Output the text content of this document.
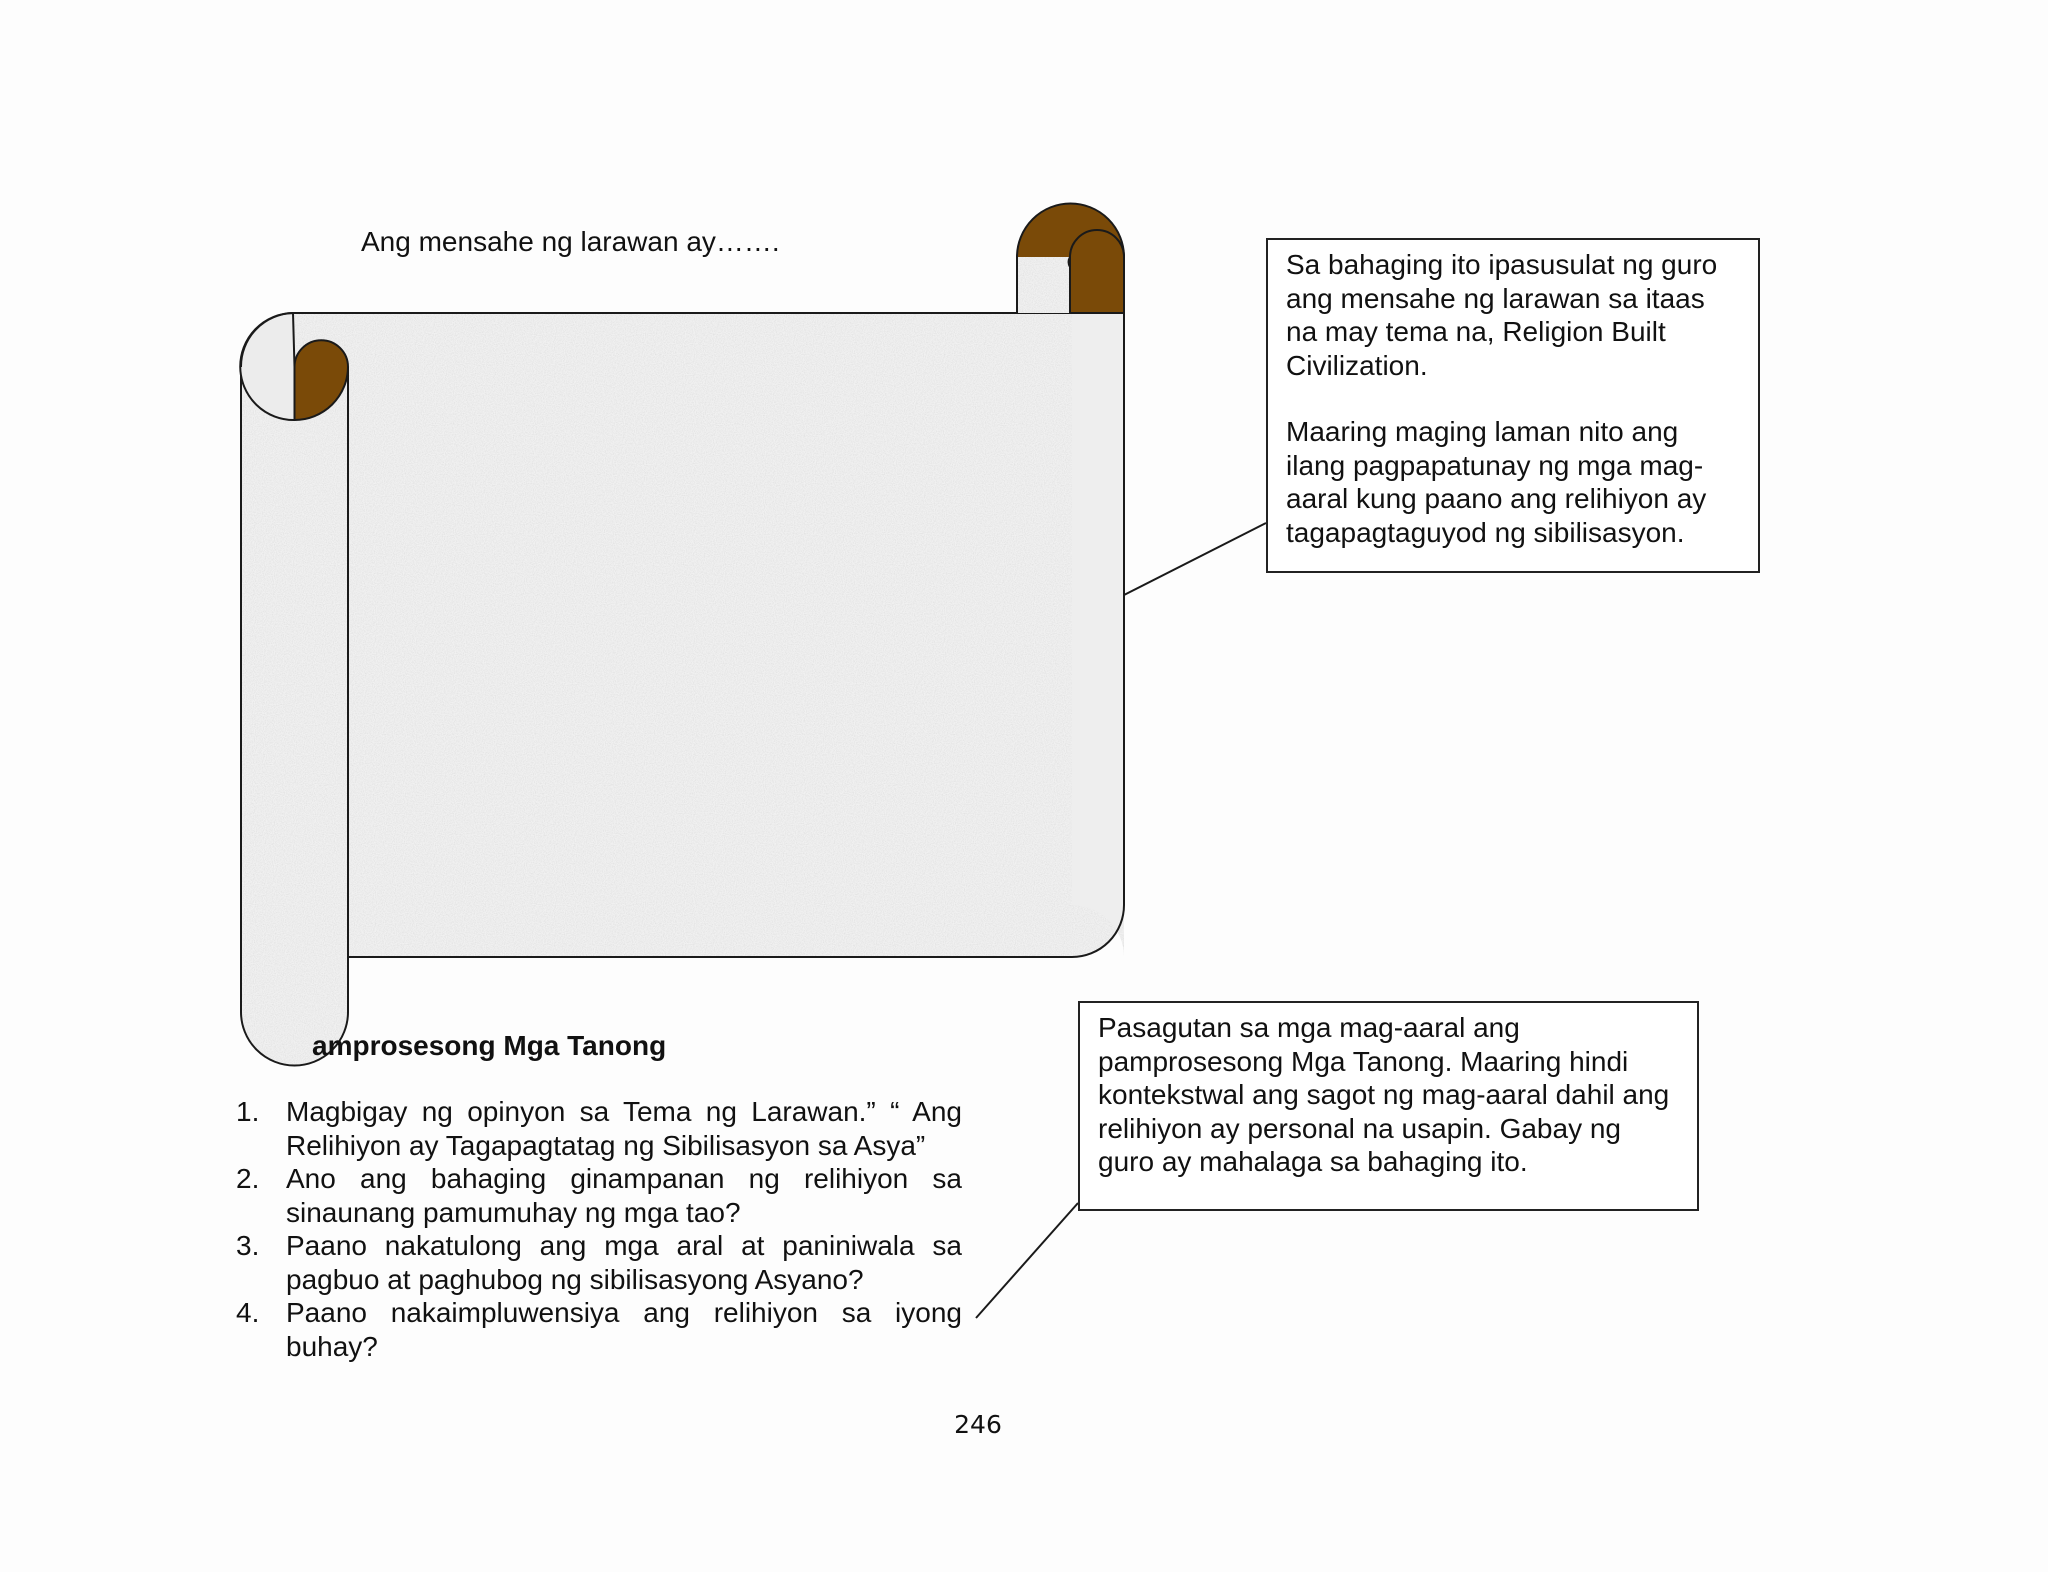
Ang mensahe ng larawan ay…….

Sa bahaging ito ipasusulat ng guro ang mensahe ng larawan sa itaas na may tema na, Religion Built Civilization.

Maaring maging laman nito ang ilang pagpapatunay ng mga mag-aaral kung paano ang relihiyon ay tagapagtaguyod ng sibilisasyon.

Pasagutan sa mga mag-aaral ang pamprosesong Mga Tanong. Maaring hindi kontekstwal ang sagot ng mag-aaral dahil ang relihiyon ay personal na usapin. Gabay ng guro ay mahalaga sa bahaging ito.

amprosesong Mga Tanong
1. Magbigay ng opinyon sa Tema ng Larawan.” “ Ang Relihiyon ay Tagapagtatag ng Sibilisasyon sa Asya”
2. Ano ang bahaging ginampanan ng relihiyon sa sinaunang pamumuhay ng mga tao?
3. Paano nakatulong ang mga aral at paniniwala sa pagbuo at paghubog ng sibilisasyong Asyano?
4. Paano nakaimpluwensiya ang relihiyon sa iyong buhay?
246
